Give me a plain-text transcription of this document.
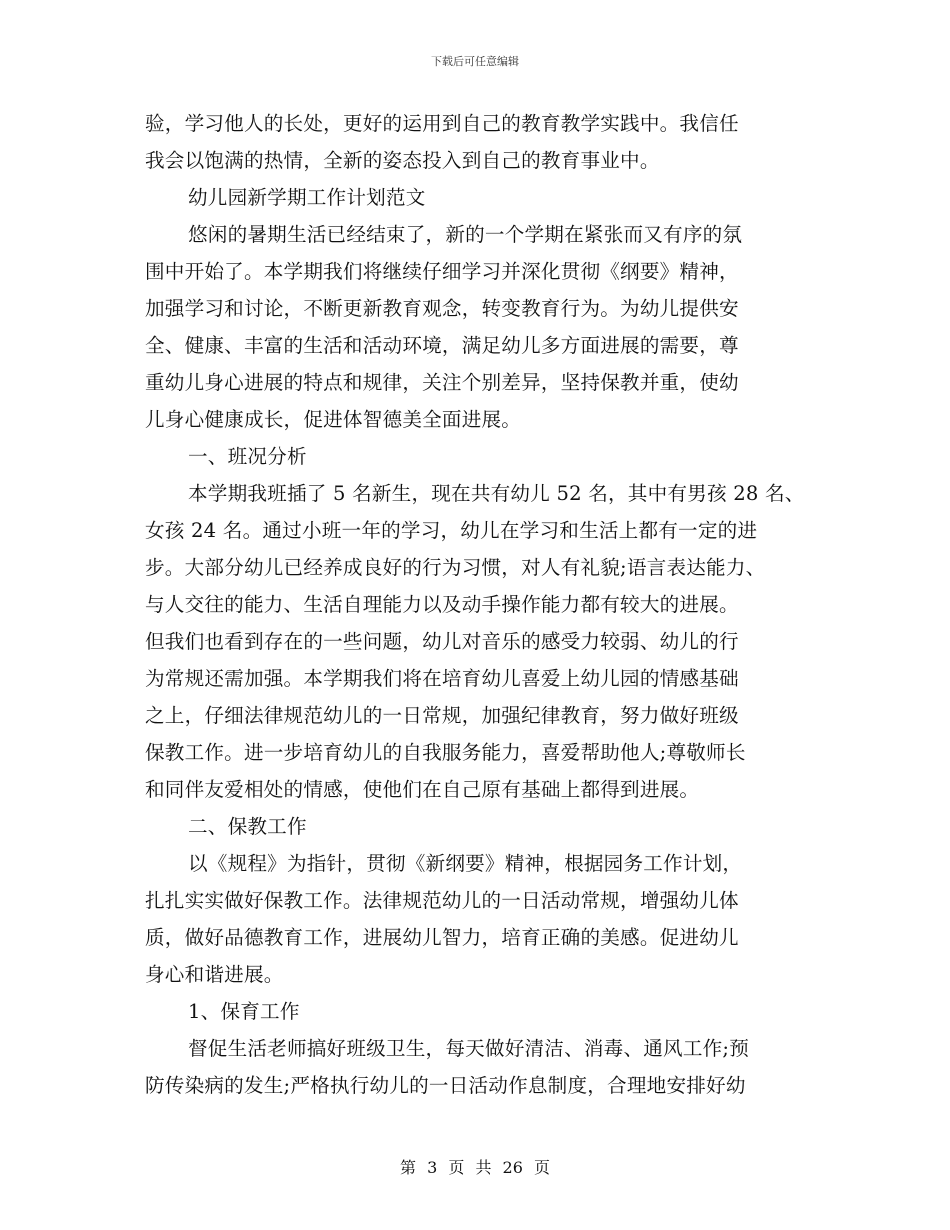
下载后可任意编辑
验，学习他人的长处，更好的运用到自己的教育教学实践中。我信任
我会以饱满的热情，全新的姿态投入到自己的教育事业中。
幼儿园新学期工作计划范文
悠闲的暑期生活已经结束了，新的一个学期在紧张而又有序的氛
围中开始了。本学期我们将继续仔细学习并深化贯彻《纲要》精神，
加强学习和讨论，不断更新教育观念，转变教育行为。为幼儿提供安
全、健康、丰富的生活和活动环境，满足幼儿多方面进展的需要，尊
重幼儿身心进展的特点和规律，关注个别差异，坚持保教并重，使幼
儿身心健康成长，促进体智德美全面进展。
一、班况分析
本学期我班插了 5 名新生，现在共有幼儿 52 名，其中有男孩 28 名、
女孩 24 名。通过小班一年的学习，幼儿在学习和生活上都有一定的进
步。大部分幼儿已经养成良好的行为习惯，对人有礼貌;语言表达能力、
与人交往的能力、生活自理能力以及动手操作能力都有较大的进展。
但我们也看到存在的一些问题，幼儿对音乐的感受力较弱、幼儿的行
为常规还需加强。本学期我们将在培育幼儿喜爱上幼儿园的情感基础
之上，仔细法律规范幼儿的一日常规，加强纪律教育，努力做好班级
保教工作。进一步培育幼儿的自我服务能力，喜爱帮助他人;尊敬师长
和同伴友爱相处的情感，使他们在自己原有基础上都得到进展。
二、保教工作
以《规程》为指针，贯彻《新纲要》精神，根据园务工作计划，
扎扎实实做好保教工作。法律规范幼儿的一日活动常规，增强幼儿体
质，做好品德教育工作，进展幼儿智力，培育正确的美感。促进幼儿
身心和谐进展。
1、保育工作
督促生活老师搞好班级卫生，每天做好清洁、消毒、通风工作;预
防传染病的发生;严格执行幼儿的一日活动作息制度，合理地安排好幼
第 3 页 共 26 页
